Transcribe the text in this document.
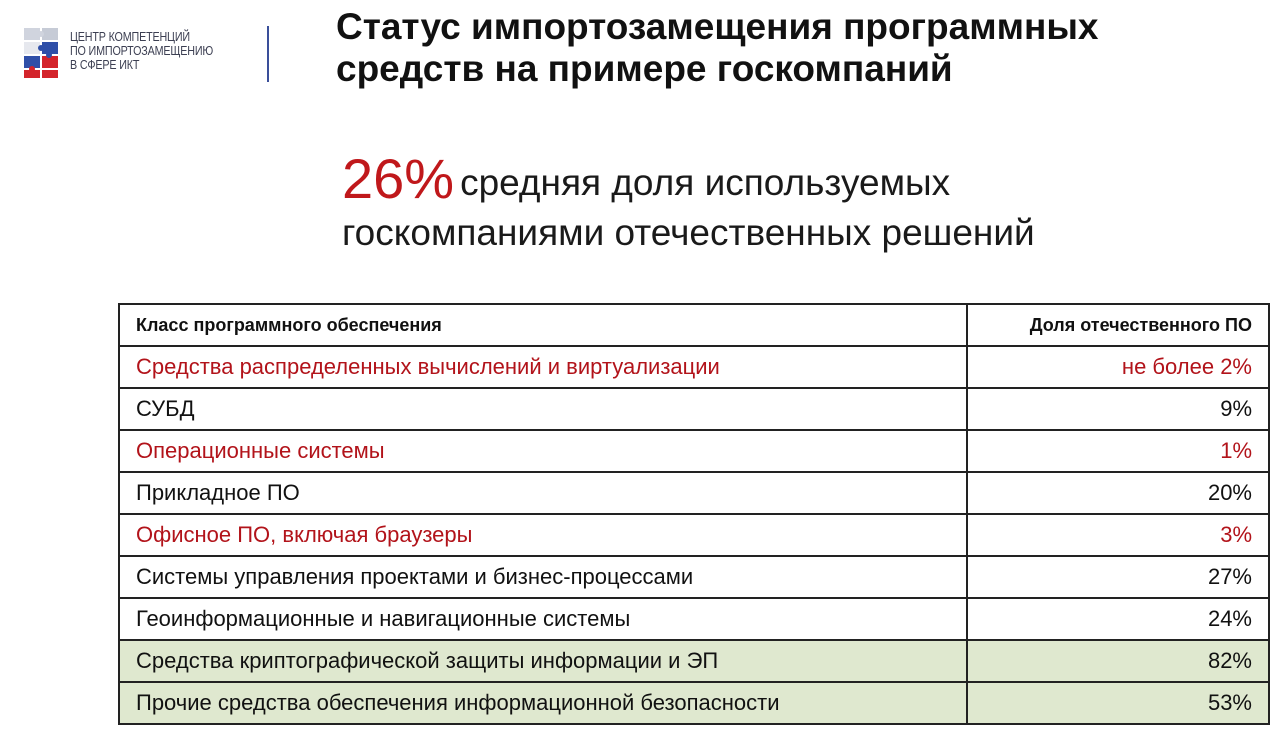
ЦЕНТР КОМПЕТЕНЦИЙ
ПО ИМПОРТОЗАМЕЩЕНИЮ
В СФЕРЕ ИКТ
Статус импортозамещения программных
средств на примере госкомпаний
26% средняя доля используемых
госкомпаниями отечественных решений
Класс программного обеспечения	Доля отечественного ПО
Средства распределенных вычислений и виртуализации	не более 2%
СУБД	9%
Операционные системы	1%
Прикладное ПО	20%
Офисное ПО, включая браузеры	3%
Системы управления проектами и бизнес-процессами	27%
Геоинформационные и навигационные системы	24%
Средства криптографической защиты информации и ЭП	82%
Прочие средства обеспечения информационной безопасности	53%
